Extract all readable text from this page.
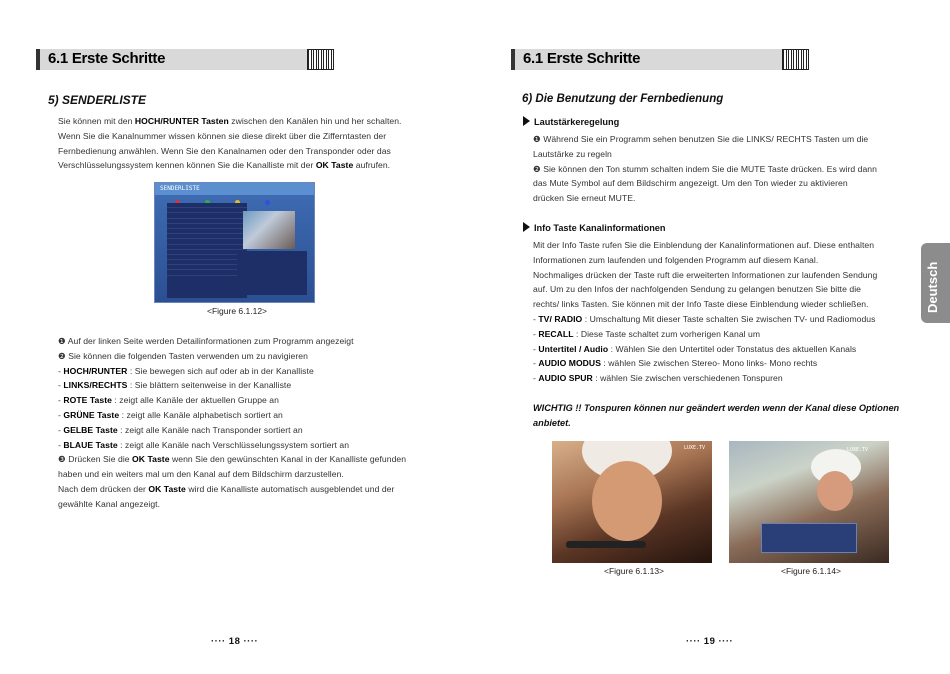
6.1 Erste Schritte
5) SENDERLISTE
Sie können mit den HOCH/RUNTER Tasten zwischen den Kanälen hin und her schalten.
Wenn Sie die Kanalnummer wissen können sie diese direkt über die Zifferntasten der
Fernbedienung anwählen. Wenn Sie den Kanalnamen oder den Transponder oder das
Verschlüsselungssystem kennen können Sie die Kanalliste mit der OK Taste aufrufen.
SENDERLISTE
<Figure 6.1.12>
❶ Auf der linken Seite werden Detailinformationen zum Programm angezeigt
❷ Sie können die folgenden Tasten verwenden um zu navigieren
- HOCH/RUNTER : Sie bewegen sich auf oder ab in der Kanalliste
- LINKS/RECHTS : Sie blättern seitenweise in der Kanalliste
- ROTE Taste : zeigt alle Kanäle der aktuellen Gruppe an
- GRÜNE Taste : zeigt alle Kanäle alphabetisch sortiert an
- GELBE Taste : zeigt alle Kanäle nach Transponder sortiert an
- BLAUE Taste : zeigt alle Kanäle nach Verschlüsselungssystem sortiert an
❸ Drücken Sie die OK Taste wenn Sie den gewünschten Kanal in der Kanalliste gefunden
haben und ein weiters mal um den Kanal auf dem Bildschirm darzustellen.
Nach dem drücken der OK Taste wird die Kanalliste automatisch ausgeblendet und der
gewählte Kanal angezeigt.
···· 18 ····
6.1 Erste Schritte
6) Die Benutzung der Fernbedienung
Lautstärkeregelung
❶ Während Sie ein Programm sehen benutzen Sie die LINKS/ RECHTS Tasten um die
Lautstärke zu regeln
❷ Sie können den Ton stumm schalten indem Sie die MUTE Taste drücken. Es wird dann
das Mute Symbol auf dem Bildschirm angezeigt. Um den Ton wieder zu aktivieren
drücken Sie erneut MUTE.
Info Taste Kanalinformationen
Mit der Info Taste rufen Sie die Einblendung der Kanalinformationen auf. Diese enthalten
Informationen zum laufenden und folgenden Programm auf diesem Kanal.
Nochmaliges drücken der Taste ruft die erweiterten Informationen zur laufenden Sendung
auf. Um zu den Infos der nachfolgenden Sendung zu gelangen benutzen Sie bitte die
rechts/ links Tasten. Sie können mit der Info Taste diese Einblendung wieder schließen.
- TV/ RADIO : Umschaltung Mit dieser Taste schalten Sie zwischen TV- und Radiomodus
- RECALL : Diese Taste schaltet zum vorherigen Kanal um
- Untertitel / Audio : Wählen Sie den Untertitel oder Tonstatus des aktuellen Kanals
- AUDIO MODUS : wählen Sie zwischen Stereo- Mono links- Mono rechts
- AUDIO SPUR : wählen Sie zwischen verschiedenen Tonspuren
WICHTIG !! Tonspuren können nur geändert werden wenn der Kanal diese Optionen
anbietet.
<Figure 6.1.13>	<Figure 6.1.14>
···· 19 ····
LUXE.TV	LUXE.TV
Deutsch
